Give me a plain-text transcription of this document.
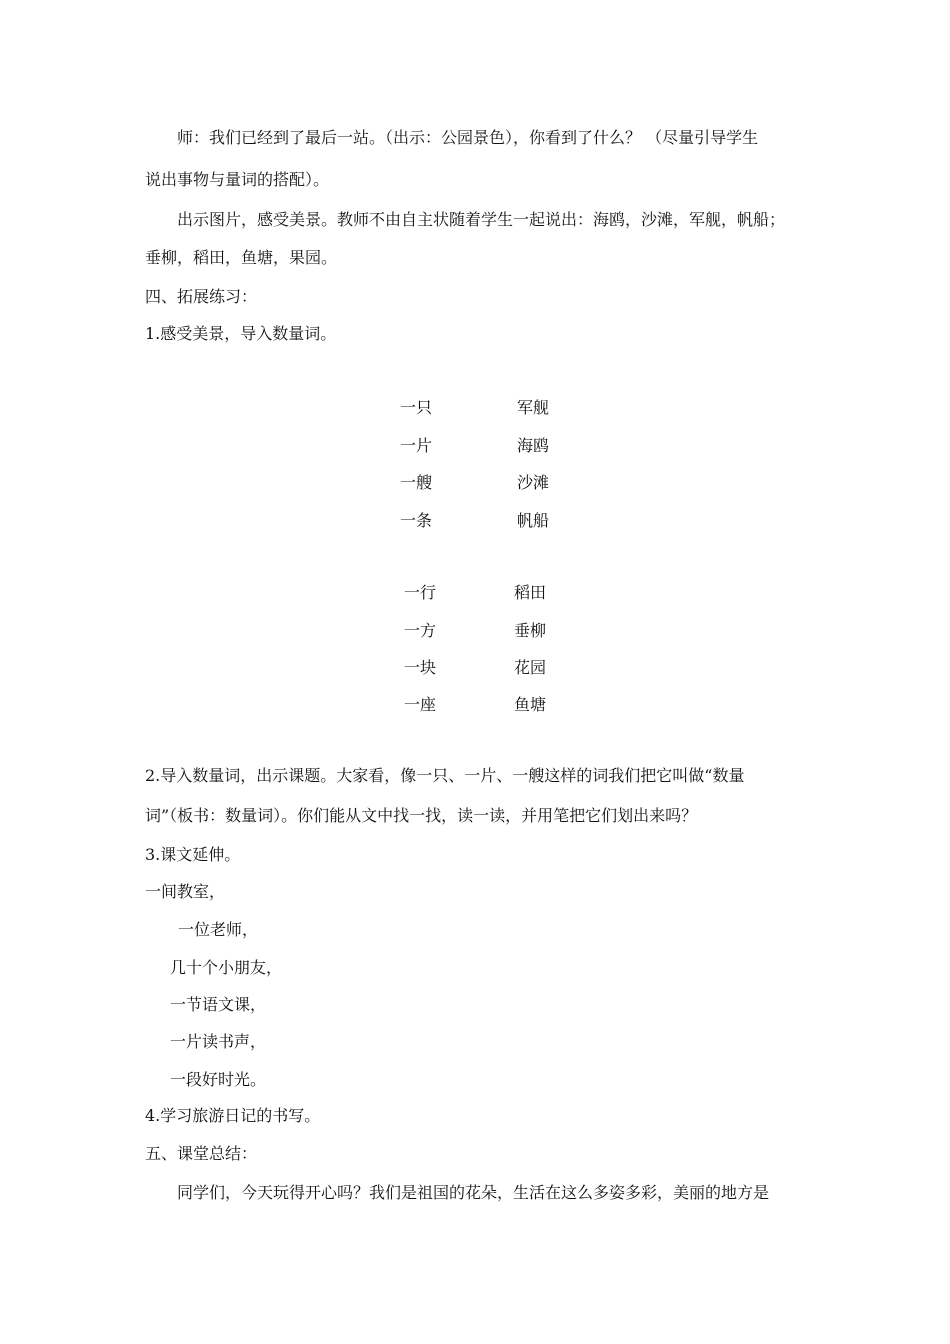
师：我们已经到了最后一站。（出示：公园景色），你看到了什么？ （尽量引导学生
说出事物与量词的搭配）。
出示图片，感受美景。教师不由自主状随着学生一起说出：海鸥，沙滩，军舰，帆船；
垂柳，稻田，鱼塘，果园。
四、拓展练习：
1.感受美景，导入数量词。
一只	军舰
一片	海鸥
一艘	沙滩
一条	帆船
一行	稻田
一方	垂柳
一块	花园
一座	鱼塘
2.导入数量词，出示课题。大家看，像一只、一片、一艘这样的词我们把它叫做“数量
词”（板书：数量词）。你们能从文中找一找，读一读，并用笔把它们划出来吗？
3.课文延伸。
一间教室，
一位老师，
几十个小朋友，
一节语文课，
一片读书声，
一段好时光。
4.学习旅游日记的书写。
五、课堂总结：
同学们，今天玩得开心吗？我们是祖国的花朵，生活在这么多姿多彩，美丽的地方是
